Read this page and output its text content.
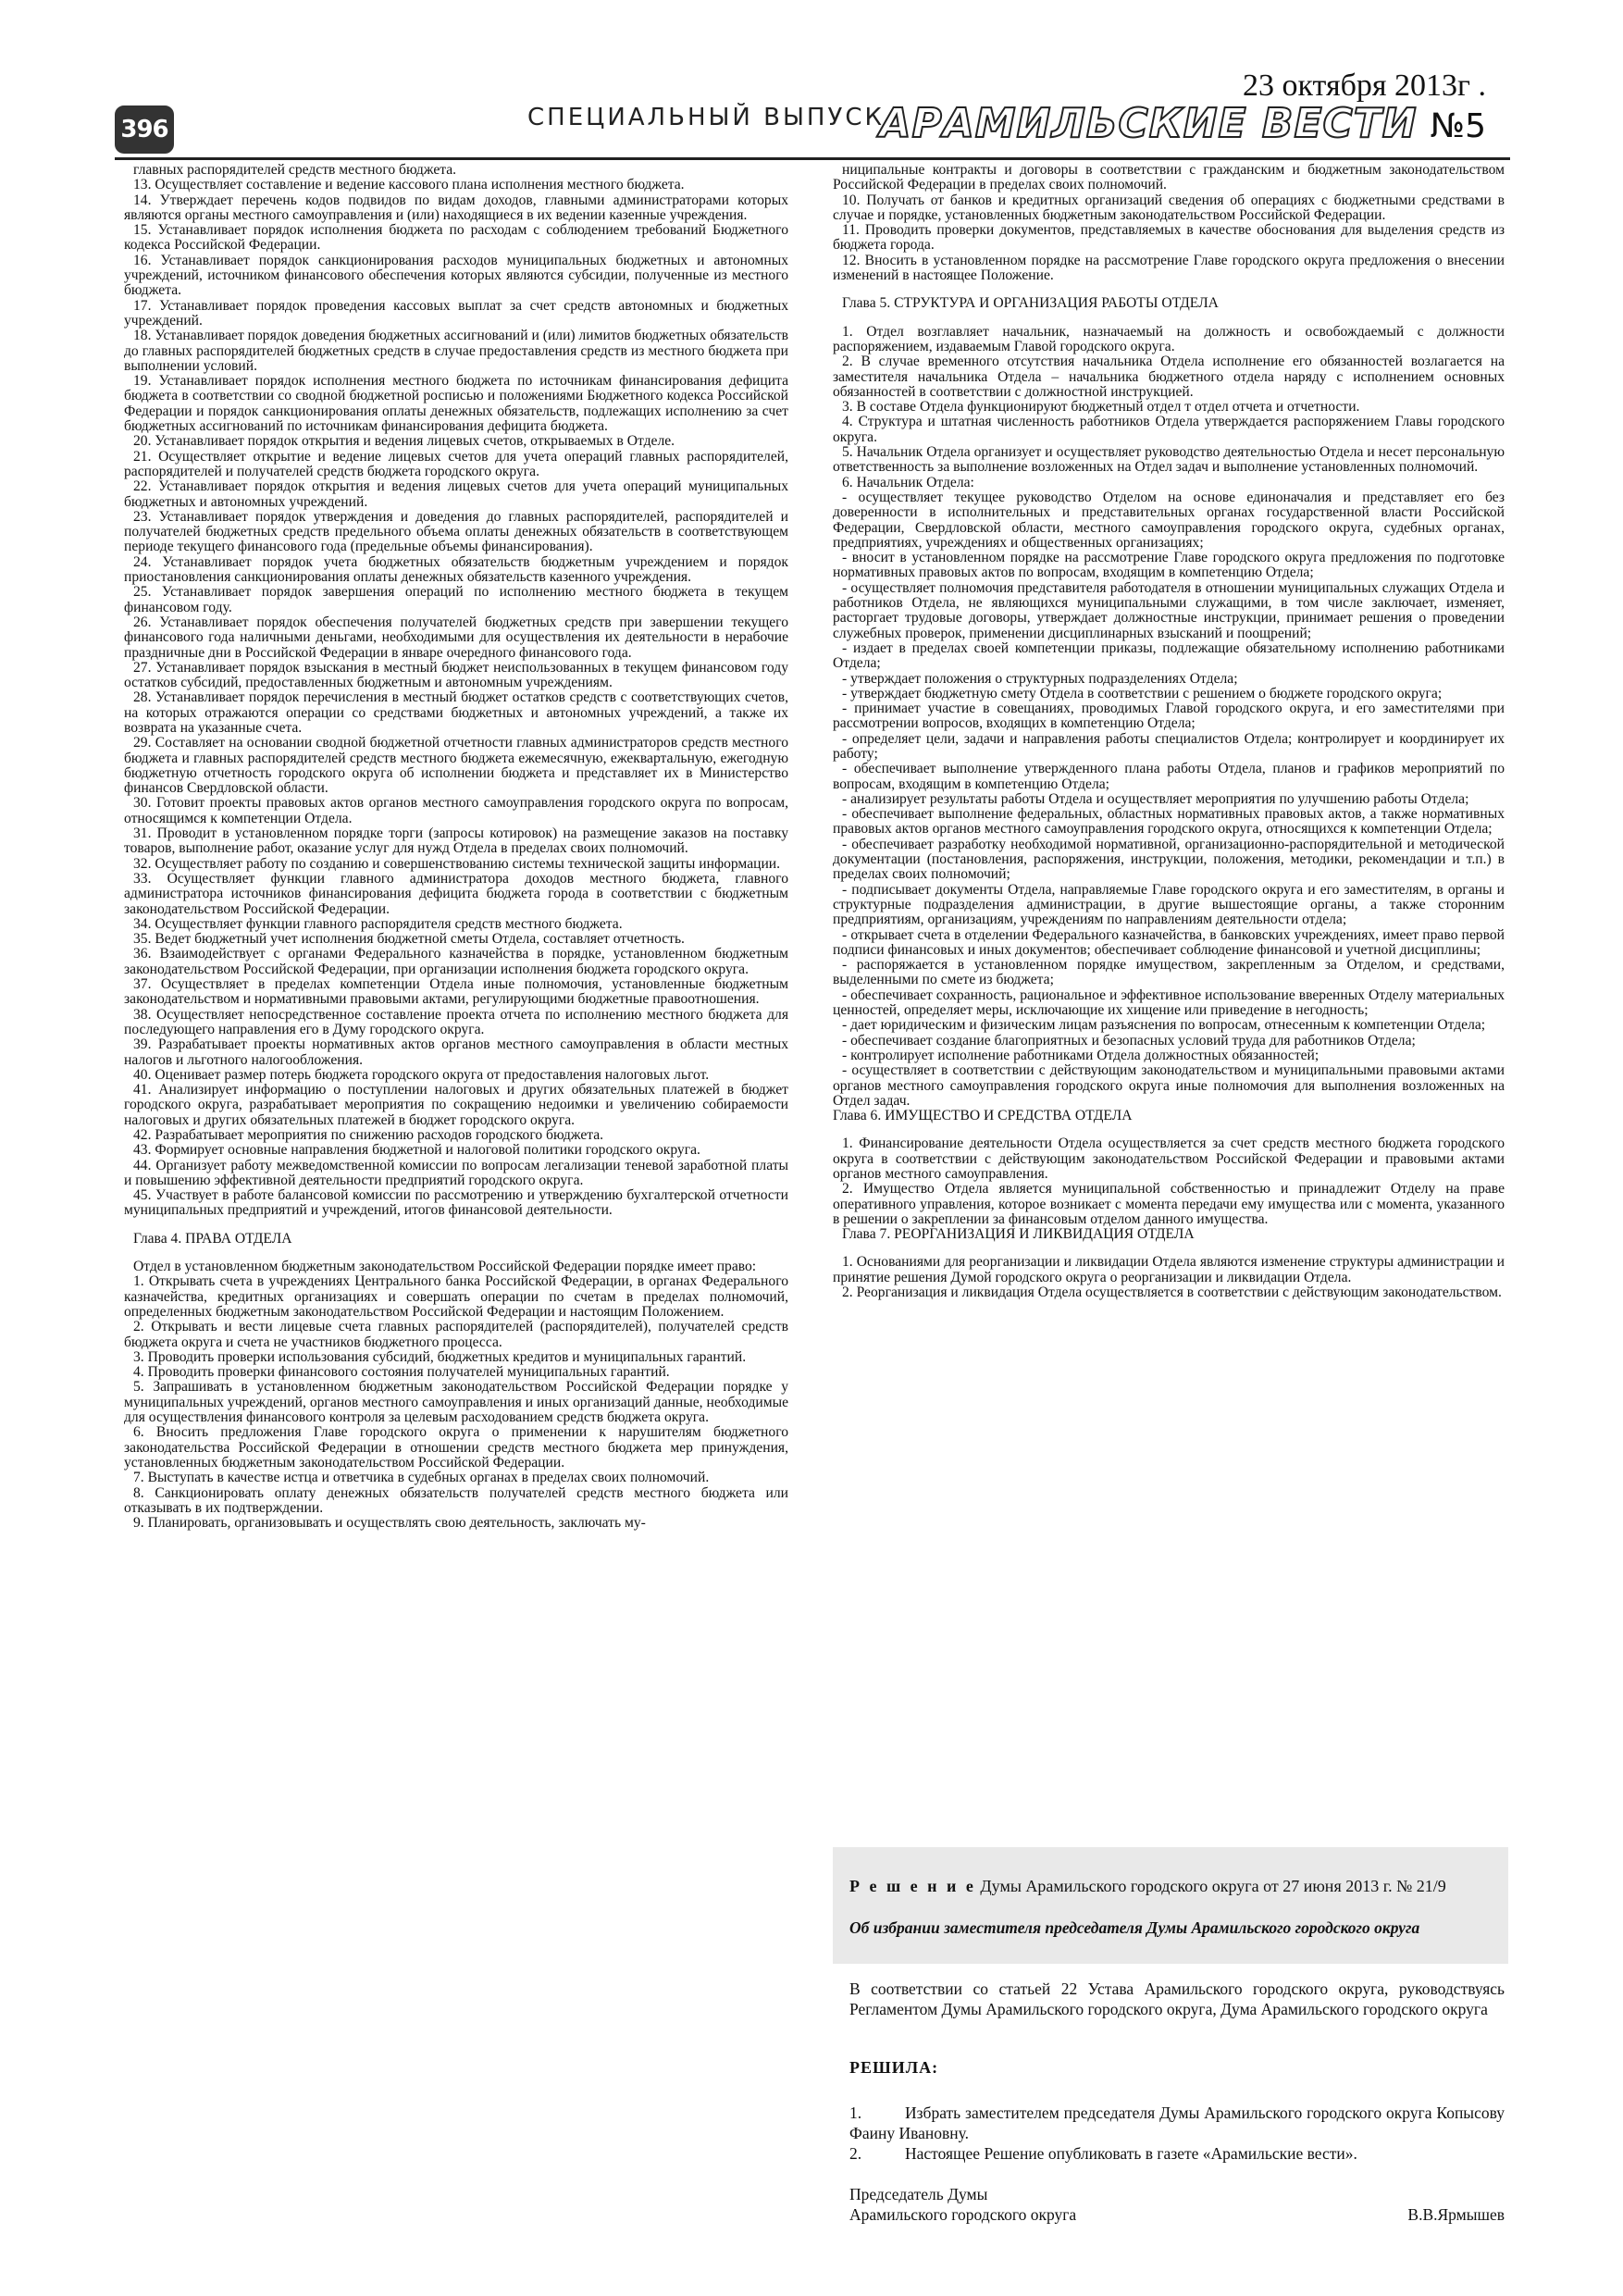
396	СПЕЦИАЛЬНЫЙ ВЫПУСК
23 октября 2013г .
АРАМИЛЬСКИЕ ВЕСТИ №5

главных распорядителей средств местного бюджета.

13. Осуществляет составление и ведение кассового плана исполнения местного бюджета.

14. Утверждает перечень кодов подвидов по видам доходов, главными администраторами которых являются органы местного самоуправления и (или) находящиеся в их ведении казенные учреждения.

15. Устанавливает порядок исполнения бюджета по расходам с соблюдением требований Бюджетного кодекса Российской Федерации.

16. Устанавливает порядок санкционирования расходов муниципальных бюджетных и автономных учреждений, источником финансового обеспечения которых являются субсидии, полученные из местного бюджета.

17. Устанавливает порядок проведения кассовых выплат за счет средств автономных и бюджетных учреждений.

18. Устанавливает порядок доведения бюджетных ассигнований и (или) лимитов бюджетных обязательств до главных распорядителей бюджетных средств в случае предоставления средств из местного бюджета при выполнении условий.

19. Устанавливает порядок исполнения местного бюджета по источникам финансирования дефицита бюджета в соответствии со сводной бюджетной росписью и положениями Бюджетного кодекса Российской Федерации и порядок санкционирования оплаты денежных обязательств, подлежащих исполнению за счет бюджетных ассигнований по источникам финансирования дефицита бюджета.

20. Устанавливает порядок открытия и ведения лицевых счетов, открываемых в Отделе.

21. Осуществляет открытие и ведение лицевых счетов для учета операций главных распорядителей, распорядителей и получателей средств бюджета городского округа.

22. Устанавливает порядок открытия и ведения лицевых счетов для учета операций муниципальных бюджетных и автономных учреждений.

23. Устанавливает порядок утверждения и доведения до главных распорядителей, распорядителей и получателей бюджетных средств предельного объема оплаты денежных обязательств в соответствующем периоде текущего финансового года (предельные объемы финансирования).

24. Устанавливает порядок учета бюджетных обязательств бюджетным учреждением и порядок приостановления санкционирования оплаты денежных обязательств казенного учреждения.

25. Устанавливает порядок завершения операций по исполнению местного бюджета в текущем финансовом году.

26. Устанавливает порядок обеспечения получателей бюджетных средств при завершении текущего финансового года наличными деньгами, необходимыми для осуществления их деятельности в нерабочие праздничные дни в Российской Федерации в январе очередного финансового года.

27. Устанавливает порядок взыскания в местный бюджет неиспользованных в текущем финансовом году остатков субсидий, предоставленных бюджетным и автономным учреждениям.

28. Устанавливает порядок перечисления в местный бюджет остатков средств с соответствующих счетов, на которых отражаются операции со средствами бюджетных и автономных учреждений, а также их возврата на указанные счета.

29. Составляет на основании сводной бюджетной отчетности главных администраторов средств местного бюджета и главных распорядителей средств местного бюджета ежемесячную, ежеквартальную, ежегодную бюджетную отчетность городского округа об исполнении бюджета и представляет их в Министерство финансов Свердловской области.

30. Готовит проекты правовых актов органов местного самоуправления городского округа по вопросам, относящимся к компетенции Отдела.

31. Проводит в установленном порядке торги (запросы котировок) на размещение заказов на поставку товаров, выполнение работ, оказание услуг для нужд Отдела в пределах своих полномочий.

32. Осуществляет работу по созданию и совершенствованию системы технической защиты информации.

33. Осуществляет функции главного администратора доходов местного бюджета, главного администратора источников финансирования дефицита бюджета города в соответствии с бюджетным законодательством Российской Федерации.

34. Осуществляет функции главного распорядителя средств местного бюджета.

35. Ведет бюджетный учет исполнения бюджетной сметы Отдела, составляет отчетность.

36. Взаимодействует с органами Федерального казначейства в порядке, установленном бюджетным законодательством Российской Федерации, при организации исполнения бюджета городского округа.

37. Осуществляет в пределах компетенции Отдела иные полномочия, установленные бюджетным законодательством и нормативными правовыми актами, регулирующими бюджетные правоотношения.

38. Осуществляет непосредственное составление проекта отчета по исполнению местного бюджета для последующего направления его в Думу городского округа.

39. Разрабатывает проекты нормативных актов органов местного самоуправления в области местных налогов и льготного налогообложения.

40. Оценивает размер потерь бюджета городского округа от предоставления налоговых льгот.

41. Анализирует информацию о поступлении налоговых и других обязательных платежей в бюджет городского округа, разрабатывает мероприятия по сокращению недоимки и увеличению собираемости налоговых и других обязательных платежей в бюджет городского округа.

42. Разрабатывает мероприятия по снижению расходов городского бюджета.

43. Формирует основные направления бюджетной и налоговой политики городского округа.

44. Организует работу межведомственной комиссии по вопросам легализации теневой заработной платы и повышению эффективной деятельности предприятий городского округа.

45. Участвует в работе балансовой комиссии по рассмотрению и утверждению бухгалтерской отчетности муниципальных предприятий и учреждений, итогов финансовой деятельности.

Глава 4. ПРАВА ОТДЕЛА

Отдел в установленном бюджетным законодательством Российской Федерации порядке имеет право:

1. Открывать счета в учреждениях Центрального банка Российской Федерации, в органах Федерального казначейства, кредитных организациях и совершать операции по счетам в пределах полномочий, определенных бюджетным законодательством Российской Федерации и настоящим Положением.

2. Открывать и вести лицевые счета главных распорядителей (распорядителей), получателей средств бюджета округа и счета не участников бюджетного процесса.

3. Проводить проверки использования субсидий, бюджетных кредитов и муниципальных гарантий.

4. Проводить проверки финансового состояния получателей муниципальных гарантий.

5. Запрашивать в установленном бюджетным законодательством Российской Федерации порядке у муниципальных учреждений, органов местного самоуправления и иных организаций данные, необходимые для осуществления финансового контроля за целевым расходованием средств бюджета округа.

6. Вносить предложения Главе городского округа о применении к нарушителям бюджетного законодательства Российской Федерации в отношении средств местного бюджета мер принуждения, установленных бюджетным законодательством Российской Федерации.

7. Выступать в качестве истца и ответчика в судебных органах в пределах своих полномочий.

8. Санкционировать оплату денежных обязательств получателей средств местного бюджета или отказывать в их подтверждении.

9. Планировать, организовывать и осуществлять свою деятельность, заключать му-

ниципальные контракты и договоры в соответствии с гражданским и бюджетным законодательством Российской Федерации в пределах своих полномочий.

10. Получать от банков и кредитных организаций сведения об операциях с бюджетными средствами в случае и порядке, установленных бюджетным законодательством Российской Федерации.

11. Проводить проверки документов, представляемых в качестве обоснования для выделения средств из бюджета города.

12. Вносить в установленном порядке на рассмотрение Главе городского округа предложения о внесении изменений в настоящее Положение.

Глава 5. СТРУКТУРА И ОРГАНИЗАЦИЯ РАБОТЫ ОТДЕЛА

1. Отдел возглавляет начальник, назначаемый на должность и освобождаемый с должности распоряжением, издаваемым Главой городского округа.

2. В случае временного отсутствия начальника Отдела исполнение его обязанностей возлагается на заместителя начальника Отдела – начальника бюджетного отдела наряду с исполнением основных обязанностей в соответствии с должностной инструкцией.

3. В составе Отдела функционируют бюджетный отдел т отдел отчета и отчетности.

4. Структура и штатная численность работников Отдела утверждается распоряжением Главы городского округа.

5. Начальник Отдела организует и осуществляет руководство деятельностью Отдела и несет персональную ответственность за выполнение возложенных на Отдел задач и выполнение установленных полномочий.

6. Начальник Отдела:

- осуществляет текущее руководство Отделом на основе единоначалия и представляет его без доверенности в исполнительных и представительных органах государственной власти Российской Федерации, Свердловской области, местного самоуправления городского округа, судебных органах, предприятиях, учреждениях и общественных организациях;

- вносит в установленном порядке на рассмотрение Главе городского округа предложения по подготовке нормативных правовых актов по вопросам, входящим в компетенцию Отдела;

- осуществляет полномочия представителя работодателя в отношении муниципальных служащих Отдела и работников Отдела, не являющихся муниципальными служащими, в том числе заключает, изменяет, расторгает трудовые договоры, утверждает должностные инструкции, принимает решения о проведении служебных проверок, применении дисциплинарных взысканий и поощрений;

- издает в пределах своей компетенции приказы, подлежащие обязательному исполнению работниками Отдела;

- утверждает положения о структурных подразделениях Отдела;

- утверждает бюджетную смету Отдела в соответствии с решением о бюджете городского округа;

- принимает участие в совещаниях, проводимых Главой городского округа, и его заместителями при рассмотрении вопросов, входящих в компетенцию Отдела;

- определяет цели, задачи и направления работы специалистов Отдела; контролирует и координирует их работу;

- обеспечивает выполнение утвержденного плана работы Отдела, планов и графиков мероприятий по вопросам, входящим в компетенцию Отдела;

- анализирует результаты работы Отдела и осуществляет мероприятия по улучшению работы Отдела;

- обеспечивает выполнение федеральных, областных нормативных правовых актов, а также нормативных правовых актов органов местного самоуправления городского округа, относящихся к компетенции Отдела;

- обеспечивает разработку необходимой нормативной, организационно-распорядительной и методической документации (постановления, распоряжения, инструкции, положения, методики, рекомендации и т.п.) в пределах своих полномочий;

- подписывает документы Отдела, направляемые Главе городского округа и его заместителям, в органы и структурные подразделения администрации, в другие вышестоящие органы, а также сторонним предприятиям, организациям, учреждениям по направлениям деятельности отдела;

- открывает счета в отделении Федерального казначейства, в банковских учреждениях, имеет право первой подписи финансовых и иных документов; обеспечивает соблюдение финансовой и учетной дисциплины;

- распоряжается в установленном порядке имуществом, закрепленным за Отделом, и средствами, выделенными по смете из бюджета;

- обеспечивает сохранность, рациональное и эффективное использование вверенных Отделу материальных ценностей, определяет меры, исключающие их хищение или приведение в негодность;

- дает юридическим и физическим лицам разъяснения по вопросам, отнесенным к компетенции Отдела;

- обеспечивает создание благоприятных и безопасных условий труда для работников Отдела;

- контролирует исполнение работниками Отдела должностных обязанностей;

- осуществляет в соответствии с действующим законодательством и муниципальными правовыми актами органов местного самоуправления городского округа иные полномочия для выполнения возложенных на Отдел задач.

Глава 6. ИМУЩЕСТВО И СРЕДСТВА ОТДЕЛА

1. Финансирование деятельности Отдела осуществляется за счет средств местного бюджета городского округа в соответствии с действующим законодательством Российской Федерации и правовыми актами органов местного самоуправления.

2. Имущество Отдела является муниципальной собственностью и принадлежит Отделу на праве оперативного управления, которое возникает с момента передачи ему имущества или с момента, указанного в решении о закреплении за финансовым отделом данного имущества.

Глава 7. РЕОРГАНИЗАЦИЯ И ЛИКВИДАЦИЯ ОТДЕЛА

1. Основаниями для реорганизации и ликвидации Отдела являются изменение структуры администрации и принятие решения Думой городского округа о реорганизации и ликвидации Отдела.

2. Реорганизация и ликвидация Отдела осуществляется в соответствии с действующим законодательством.

Р е ш е н и е Думы Арамильского городского округа от 27 июня 2013 г. № 21/9
Об избрании заместителя председателя Думы Арамильского городского округа
В соответствии со статьей 22 Устава Арамильского городского округа, руководствуясь Регламентом Думы Арамильского городского округа, Дума Арамильского городского округа
РЕШИЛА:
1.	Избрать заместителем председателя Думы Арамильского городского округа Копысову Фаину Ивановну.
2.	Настоящее Решение опубликовать в газете «Арамильские вести».
Председатель Думы
Арамильского городского округа	В.В.Ярмышев
